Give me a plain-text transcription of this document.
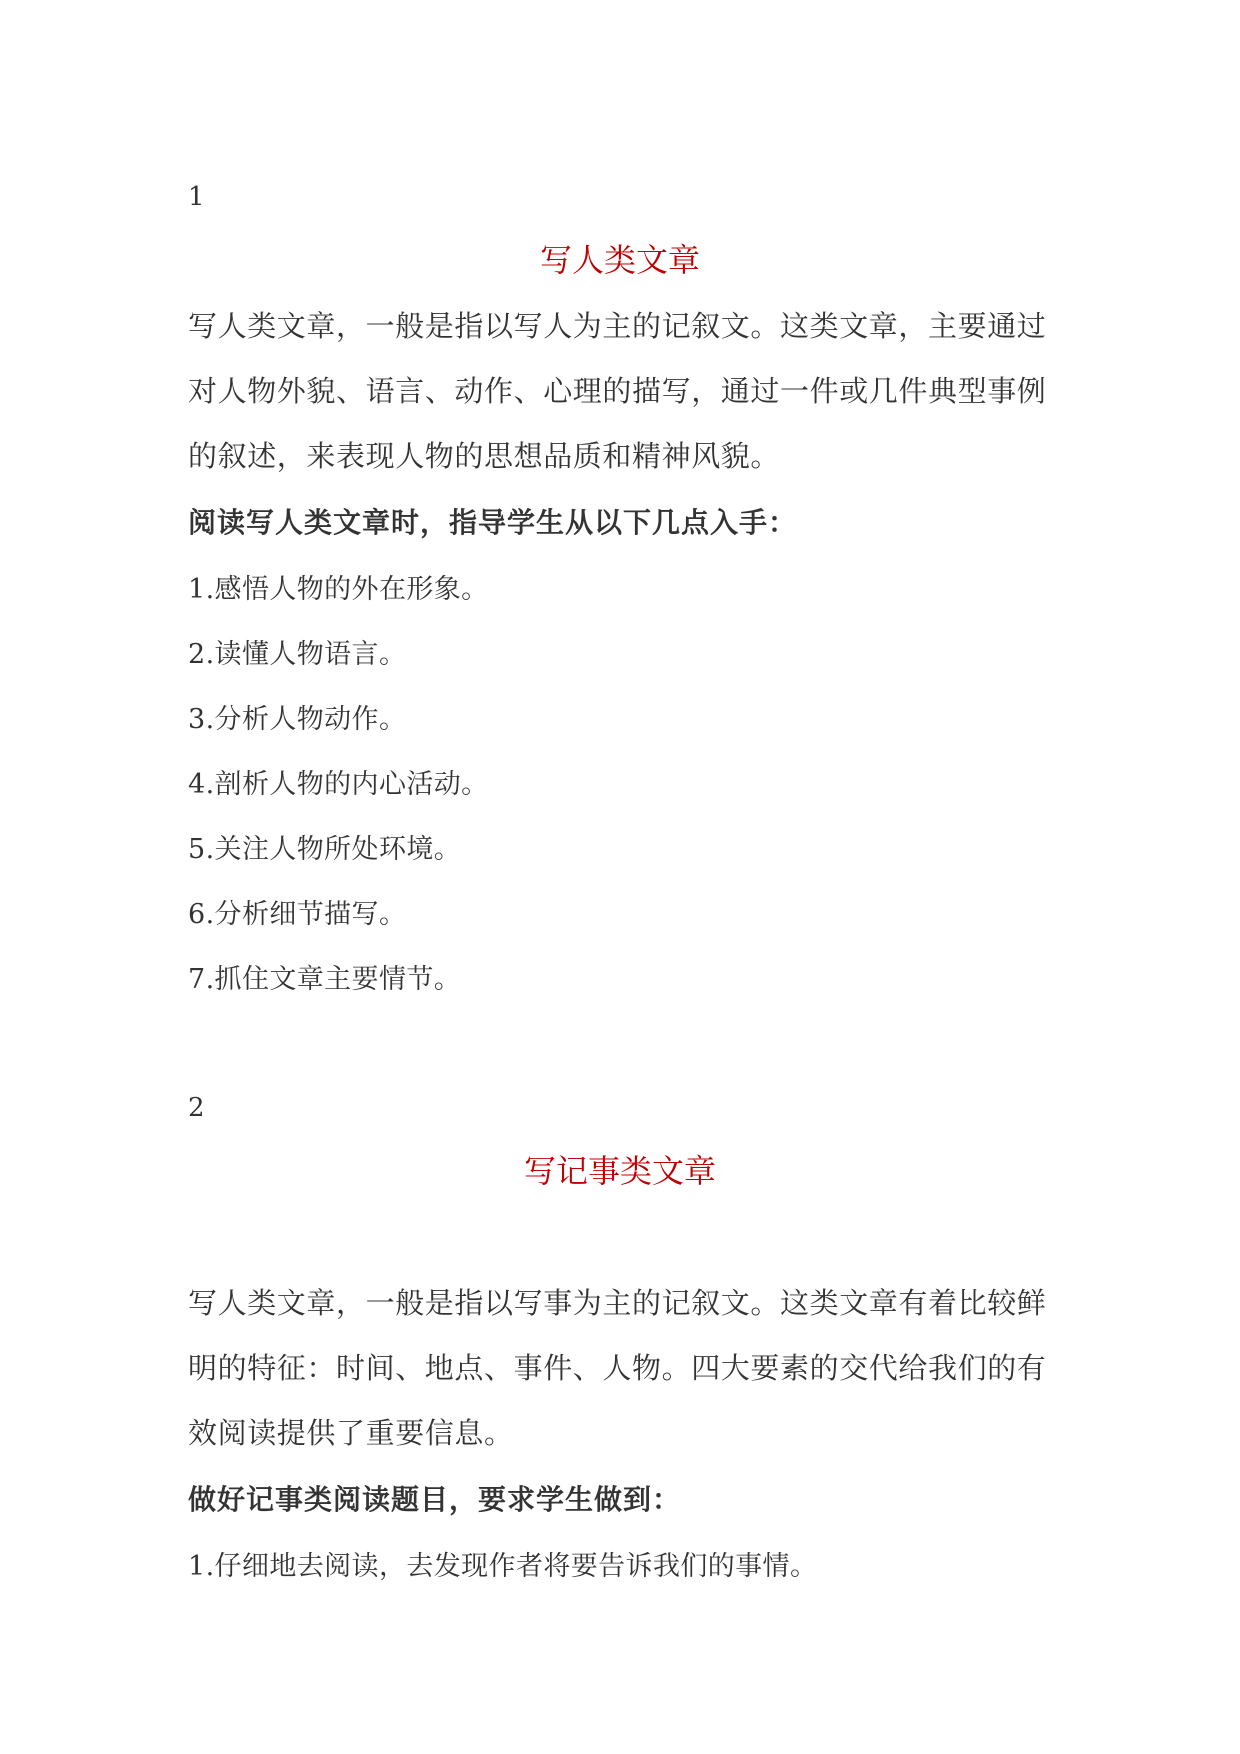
1
写人类文章
写人类文章，一般是指以写人为主的记叙文。这类文章，主要通过
对人物外貌、语言、动作、心理的描写，通过一件或几件典型事例
的叙述，来表现人物的思想品质和精神风貌。
阅读写人类文章时，指导学生从以下几点入手：
1.感悟人物的外在形象。
2.读懂人物语言。
3.分析人物动作。
4.剖析人物的内心活动。
5.关注人物所处环境。
6.分析细节描写。
7.抓住文章主要情节。
2
写记事类文章
写人类文章，一般是指以写事为主的记叙文。这类文章有着比较鲜
明的特征：时间、地点、事件、人物。四大要素的交代给我们的有
效阅读提供了重要信息。
做好记事类阅读题目，要求学生做到：
1.仔细地去阅读，去发现作者将要告诉我们的事情。
